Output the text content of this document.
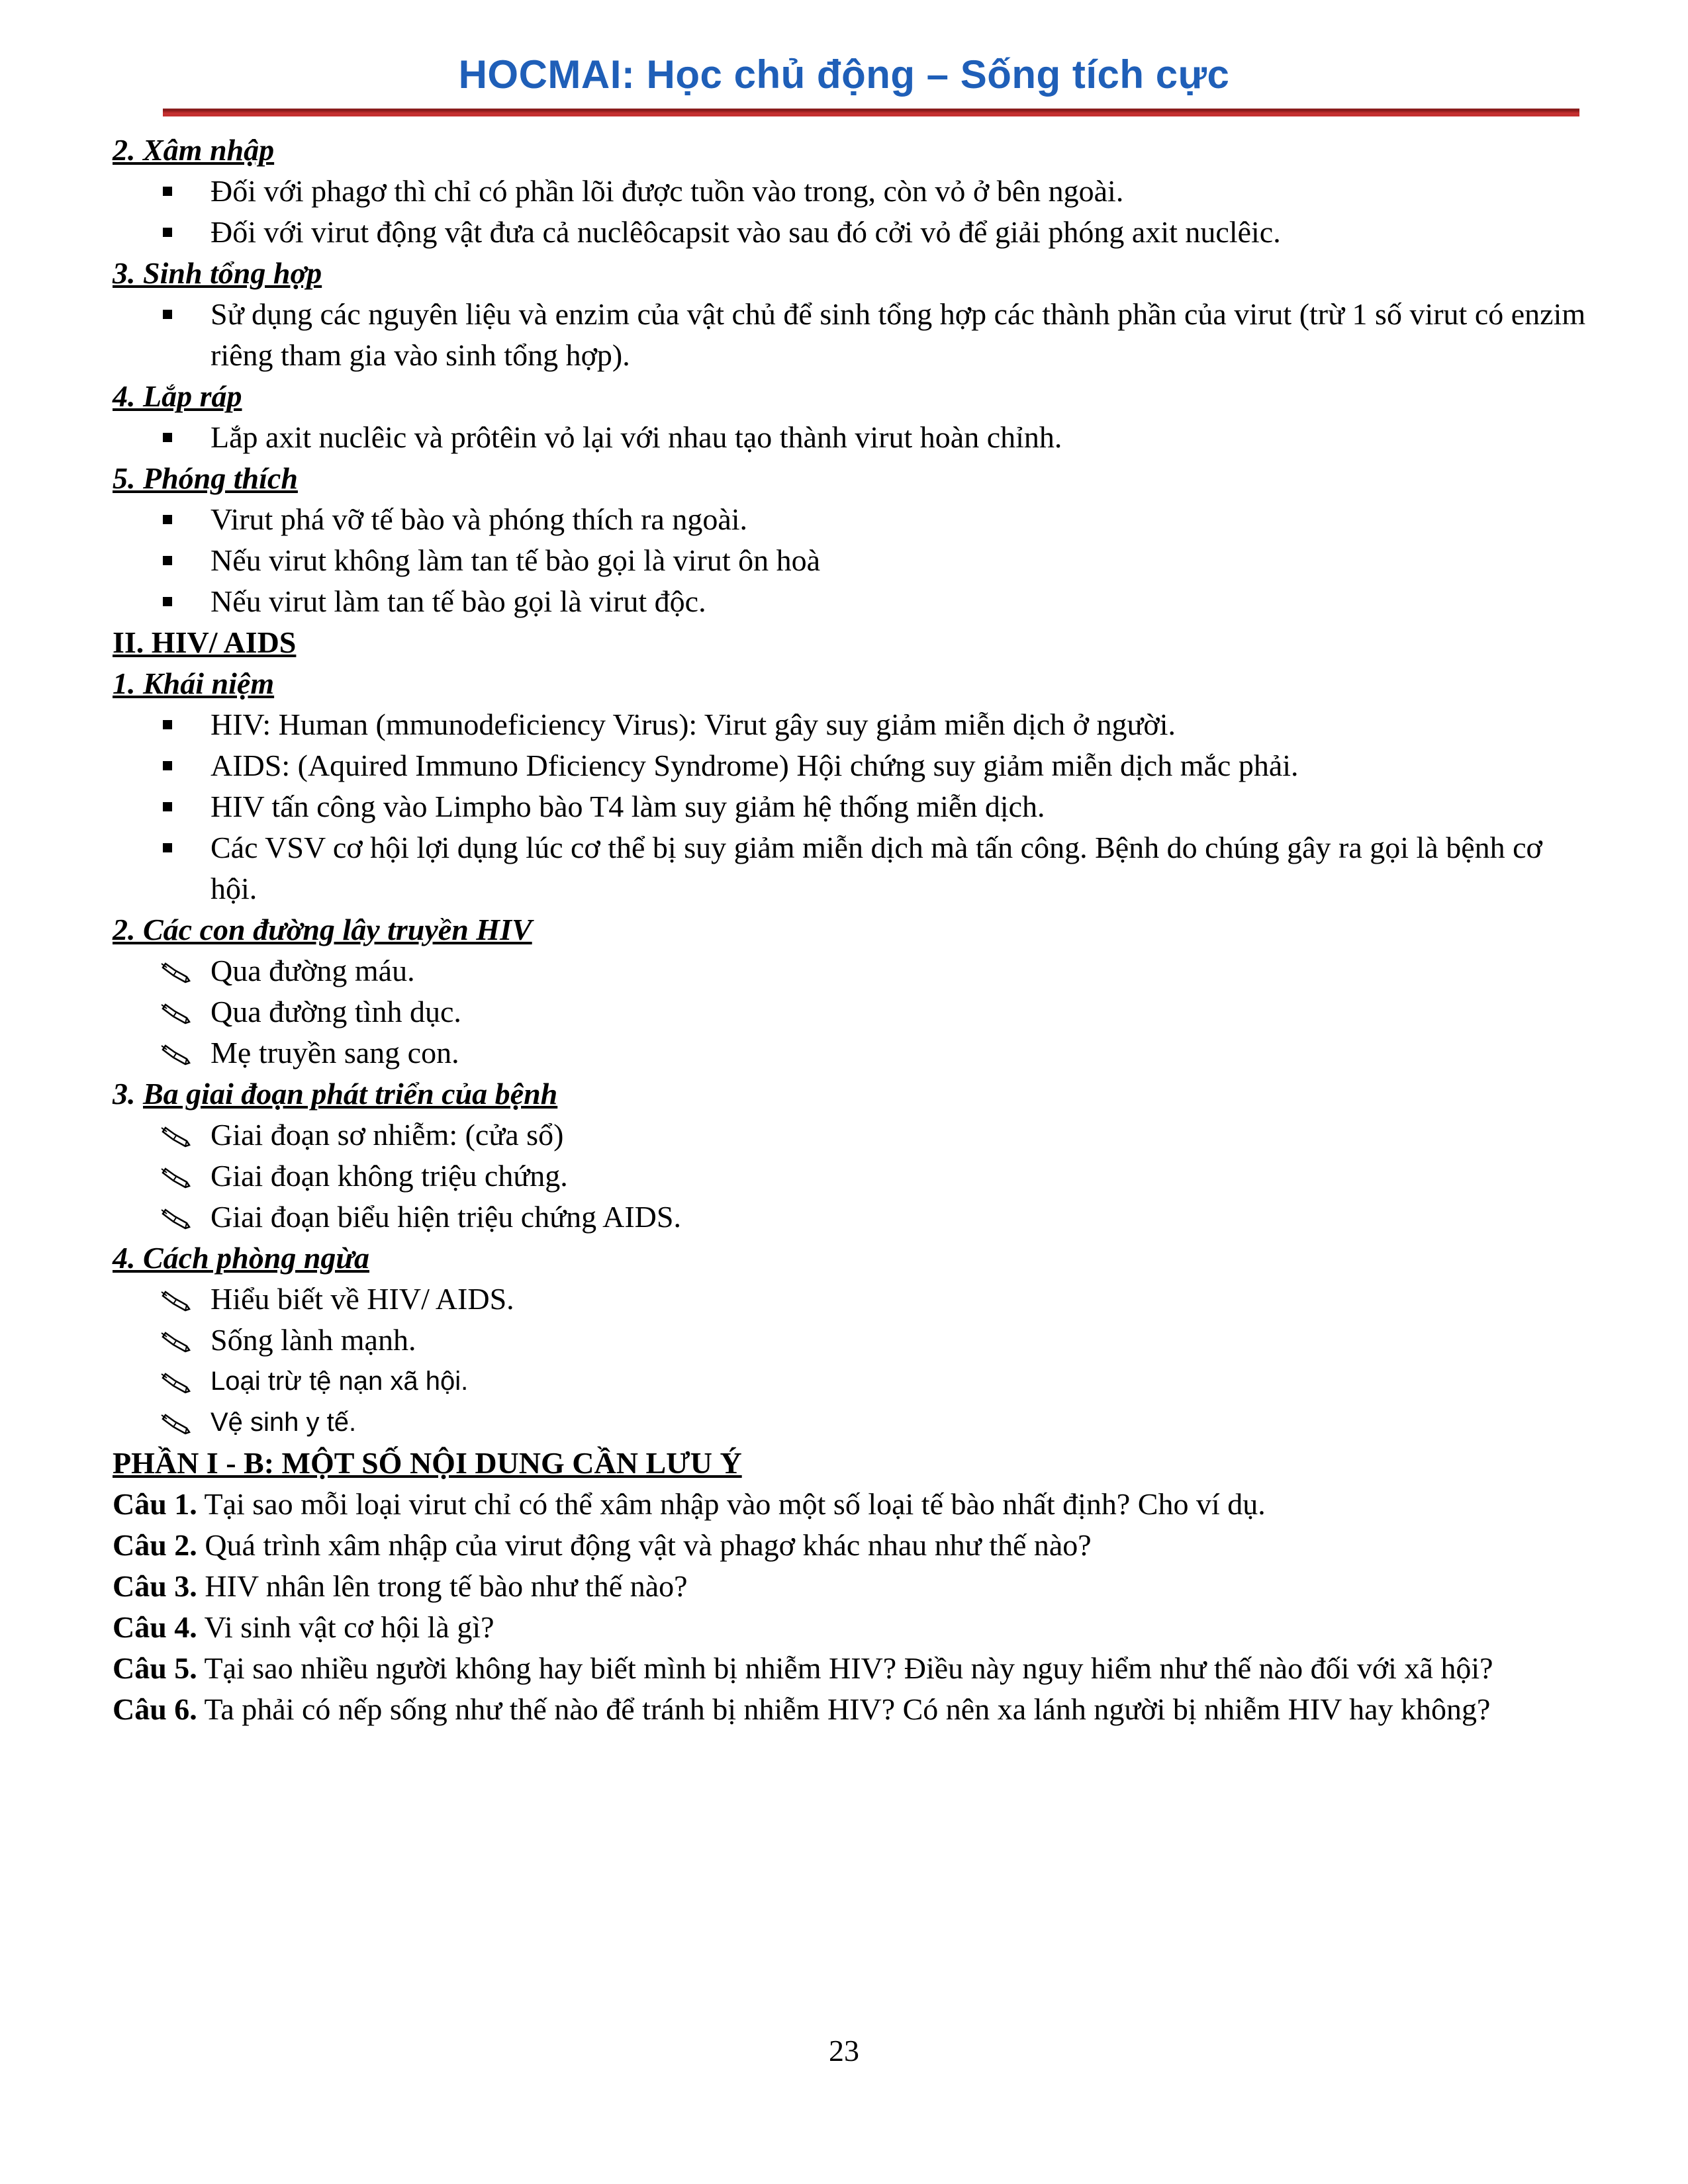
HOCMAI: Học chủ động – Sống tích cực

2. Xâm nhập

Đối với phagơ thì chỉ có phần lõi được tuồn vào trong, còn vỏ ở bên ngoài.
Đối với virut động vật đưa cả nuclêôcapsit vào sau đó cởi vỏ để giải phóng axit nuclêic.

3. Sinh tổng hợp

Sử dụng các nguyên liệu và enzim của vật chủ để sinh tổng hợp các thành phần của virut (trừ 1 số virut có enzim riêng tham gia vào sinh tổng hợp).

4. Lắp ráp

Lắp axit nuclêic và prôtêin vỏ lại với nhau tạo thành virut hoàn chỉnh.

5. Phóng thích

Virut phá vỡ tế bào và phóng thích ra ngoài.
Nếu virut không làm tan tế bào gọi là virut ôn hoà
Nếu virut làm tan tế bào gọi là virut độc.

II. HIV/ AIDS

1. Khái niệm

HIV: Human (mmunodeficiency Virus): Virut gây suy giảm miễn dịch ở người.
AIDS: (Aquired Immuno Dficiency Syndrome) Hội chứng suy giảm miễn dịch mắc phải.
HIV tấn công vào Limpho bào T4 làm suy giảm hệ thống miễn dịch.
Các VSV cơ hội lợi dụng lúc cơ thể bị suy giảm miễn dịch mà tấn công. Bệnh do chúng gây ra gọi là bệnh cơ hội.

2. Các con đường lây truyền HIV

Qua đường máu.
Qua đường tình dục.
Mẹ truyền sang con.

3. Ba giai đoạn phát triển của bệnh

Giai đoạn sơ nhiễm: (cửa sổ)
Giai đoạn không triệu chứng.
Giai đoạn biểu hiện triệu chứng AIDS.

4. Cách phòng ngừa

Hiểu biết về HIV/ AIDS.
Sống lành mạnh.
Loại trừ tệ nạn xã hội.
Vệ sinh y tế.

PHẦN I - B: MỘT SỐ NỘI DUNG CẦN LƯU Ý

Câu 1. Tại sao mỗi loại virut chỉ có thể xâm nhập vào một số loại tế bào nhất định? Cho ví dụ.
Câu 2. Quá trình xâm nhập của virut động vật và phagơ khác nhau như thế nào?
Câu 3. HIV nhân lên trong tế bào như thế nào?
Câu 4. Vi sinh vật cơ hội là gì?
Câu 5. Tại sao nhiều người không hay biết mình bị nhiễm HIV? Điều này nguy hiểm như thế nào đối với xã hội?
Câu 6. Ta phải có nếp sống như thế nào để tránh bị nhiễm HIV? Có nên xa lánh người bị nhiễm HIV hay không?
23
